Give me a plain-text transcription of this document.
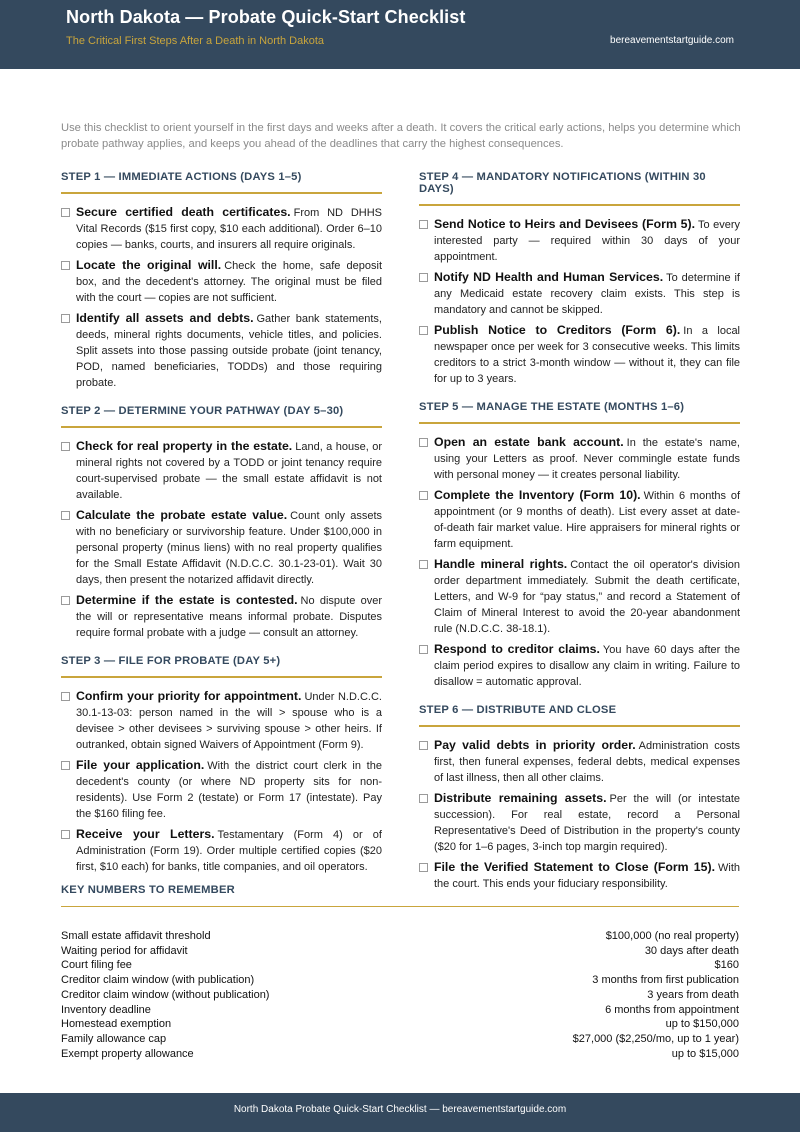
North Dakota — Probate Quick-Start Checklist
The Critical First Steps After a Death in North Dakota	bereavementstartguide.com
Use this checklist to orient yourself in the first days and weeks after a death. It covers the critical early actions, helps you determine which probate pathway applies, and keeps you ahead of the deadlines that carry the highest consequences.
STEP 1 — IMMEDIATE ACTIONS (DAYS 1–5)
Secure certified death certificates. From ND DHHS Vital Records ($15 first copy, $10 each additional). Order 6–10 copies — banks, courts, and insurers all require originals.
Locate the original will. Check the home, safe deposit box, and the decedent's attorney. The original must be filed with the court — copies are not sufficient.
Identify all assets and debts. Gather bank statements, deeds, mineral rights documents, vehicle titles, and policies. Split assets into those passing outside probate (joint tenancy, POD, named beneficiaries, TODDs) and those requiring probate.
STEP 2 — DETERMINE YOUR PATHWAY (DAY 5–30)
Check for real property in the estate. Land, a house, or mineral rights not covered by a TODD or joint tenancy require court-supervised probate — the small estate affidavit is not available.
Calculate the probate estate value. Count only assets with no beneficiary or survivorship feature. Under $100,000 in personal property (minus liens) with no real property qualifies for the Small Estate Affidavit (N.D.C.C. 30.1-23-01). Wait 30 days, then present the notarized affidavit directly.
Determine if the estate is contested. No dispute over the will or representative means informal probate. Disputes require formal probate with a judge — consult an attorney.
STEP 3 — FILE FOR PROBATE (DAY 5+)
Confirm your priority for appointment. Under N.D.C.C. 30.1-13-03: person named in the will > spouse who is a devisee > other devisees > surviving spouse > other heirs. If outranked, obtain signed Waivers of Appointment (Form 9).
File your application. With the district court clerk in the decedent's county (or where ND property sits for non-residents). Use Form 2 (testate) or Form 17 (intestate). Pay the $160 filing fee.
Receive your Letters. Testamentary (Form 4) or of Administration (Form 19). Order multiple certified copies ($20 first, $10 each) for banks, title companies, and oil operators.
STEP 4 — MANDATORY NOTIFICATIONS (WITHIN 30 DAYS)
Send Notice to Heirs and Devisees (Form 5). To every interested party — required within 30 days of your appointment.
Notify ND Health and Human Services. To determine if any Medicaid estate recovery claim exists. This step is mandatory and cannot be skipped.
Publish Notice to Creditors (Form 6). In a local newspaper once per week for 3 consecutive weeks. This limits creditors to a strict 3-month window — without it, they can file for up to 3 years.
STEP 5 — MANAGE THE ESTATE (MONTHS 1–6)
Open an estate bank account. In the estate's name, using your Letters as proof. Never commingle estate funds with personal money — it creates personal liability.
Complete the Inventory (Form 10). Within 6 months of appointment (or 9 months of death). List every asset at date-of-death fair market value. Hire appraisers for mineral rights or farm equipment.
Handle mineral rights. Contact the oil operator's division order department immediately. Submit the death certificate, Letters, and W-9 for “pay status,” and record a Statement of Claim of Mineral Interest to avoid the 20-year abandonment rule (N.D.C.C. 38-18.1).
Respond to creditor claims. You have 60 days after the claim period expires to disallow any claim in writing. Failure to disallow = automatic approval.
STEP 6 — DISTRIBUTE AND CLOSE
Pay valid debts in priority order. Administration costs first, then funeral expenses, federal debts, medical expenses of last illness, then all other claims.
Distribute remaining assets. Per the will (or intestate succession). For real estate, record a Personal Representative's Deed of Distribution in the property's county ($20 for 1–6 pages, 3-inch top margin required).
File the Verified Statement to Close (Form 15). With the court. This ends your fiduciary responsibility.
KEY NUMBERS TO REMEMBER
Small estate affidavit threshold	$100,000 (no real property)
Waiting period for affidavit	30 days after death
Court filing fee	$160
Creditor claim window (with publication)	3 months from first publication
Creditor claim window (without publication)	3 years from death
Inventory deadline	6 months from appointment
Homestead exemption	up to $150,000
Family allowance cap	$27,000 ($2,250/mo, up to 1 year)
Exempt property allowance	up to $15,000
North Dakota Probate Quick-Start Checklist — bereavementstartguide.com
